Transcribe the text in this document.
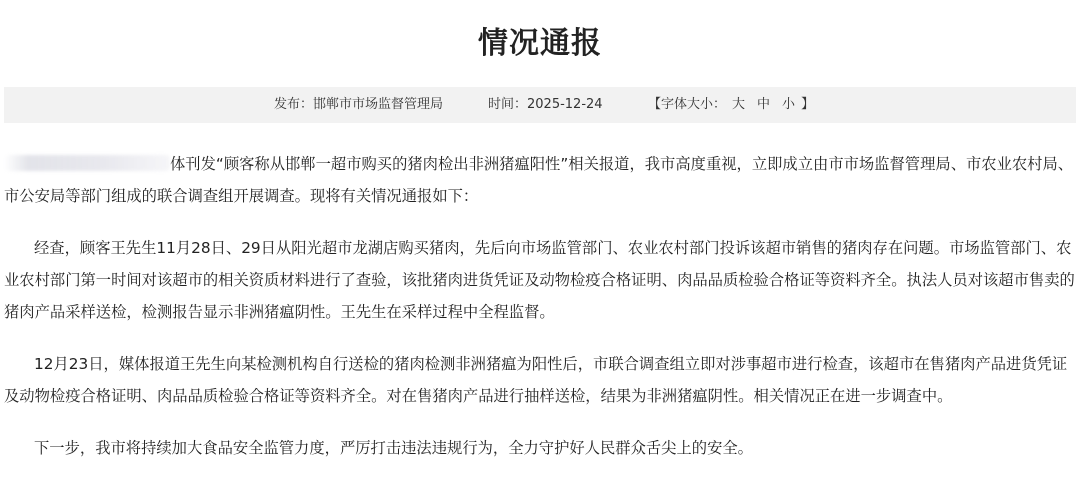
情况通报
发布：邯郸市市场监督管理局	时间：2025-12-24	【字体大小： 大 中 小 】

体刊发“顾客称从邯郸一超市购买的猪肉检出非洲猪瘟阳性”相关报道，我市高度重视，立即成立由市市场监督管理局、市农业农村局、市公安局等部门组成的联合调查组开展调查。现将有关情况通报如下：

经查，顾客王先生11月28日、29日从阳光超市龙湖店购买猪肉，先后向市场监管部门、农业农村部门投诉该超市销售的猪肉存在问题。市场监管部门、农业农村部门第一时间对该超市的相关资质材料进行了查验，该批猪肉进货凭证及动物检疫合格证明、肉品品质检验合格证等资料齐全。执法人员对该超市售卖的猪肉产品采样送检，检测报告显示非洲猪瘟阴性。王先生在采样过程中全程监督。

12月23日，媒体报道王先生向某检测机构自行送检的猪肉检测非洲猪瘟为阳性后，市联合调查组立即对涉事超市进行检查，该超市在售猪肉产品进货凭证及动物检疫合格证明、肉品品质检验合格证等资料齐全。对在售猪肉产品进行抽样送检，结果为非洲猪瘟阴性。相关情况正在进一步调查中。

下一步，我市将持续加大食品安全监管力度，严厉打击违法违规行为，全力守护好人民群众舌尖上的安全。
